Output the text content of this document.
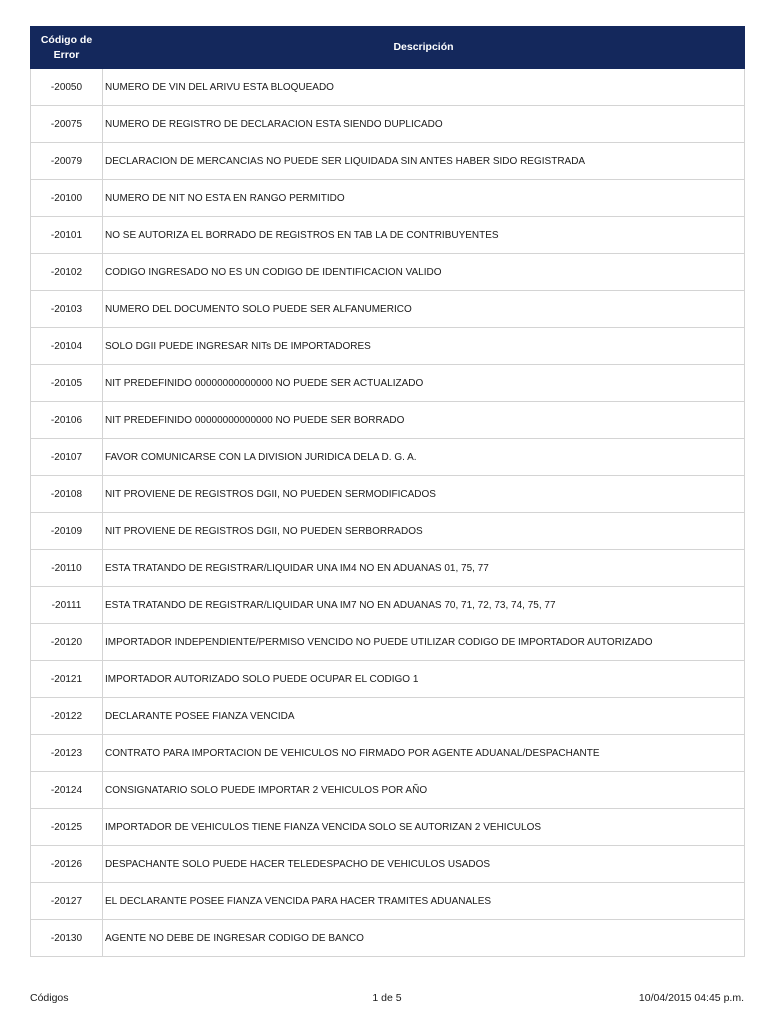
Código de Error	Descripción
-20050	NUMERO DE VIN DEL ARIVU ESTA BLOQUEADO
-20075	NUMERO DE REGISTRO DE DECLARACION ESTA SIENDO DUPLICADO
-20079	DECLARACION DE MERCANCIAS NO PUEDE SER LIQUIDADA SIN ANTES HABER SIDO REGISTRADA
-20100	NUMERO DE NIT NO ESTA EN RANGO PERMITIDO
-20101	NO SE AUTORIZA EL BORRADO DE REGISTROS EN TAB LA DE CONTRIBUYENTES
-20102	CODIGO INGRESADO NO ES UN CODIGO DE IDENTIFICACION VALIDO
-20103	NUMERO DEL DOCUMENTO SOLO PUEDE SER ALFANUMERICO
-20104	SOLO DGII PUEDE INGRESAR NITs DE IMPORTADORES
-20105	NIT PREDEFINIDO 00000000000000 NO PUEDE SER ACTUALIZADO
-20106	NIT PREDEFINIDO 00000000000000 NO PUEDE SER BORRADO
-20107	FAVOR COMUNICARSE CON LA DIVISION JURIDICA DELA D. G. A.
-20108	NIT PROVIENE DE REGISTROS DGII, NO PUEDEN SERMODIFICADOS
-20109	NIT PROVIENE DE REGISTROS DGII, NO PUEDEN SERBORRADOS
-20110	ESTA TRATANDO DE REGISTRAR/LIQUIDAR UNA IM4 NO EN ADUANAS 01, 75, 77
-20111	ESTA TRATANDO DE REGISTRAR/LIQUIDAR UNA IM7 NO EN ADUANAS 70, 71, 72, 73, 74, 75, 77
-20120	IMPORTADOR INDEPENDIENTE/PERMISO VENCIDO NO PUEDE UTILIZAR CODIGO DE IMPORTADOR AUTORIZADO
-20121	IMPORTADOR AUTORIZADO SOLO PUEDE OCUPAR EL CODIGO 1
-20122	DECLARANTE POSEE FIANZA VENCIDA
-20123	CONTRATO PARA IMPORTACION DE VEHICULOS NO FIRMADO POR AGENTE ADUANAL/DESPACHANTE
-20124	CONSIGNATARIO SOLO PUEDE IMPORTAR 2 VEHICULOS POR AÑO
-20125	IMPORTADOR DE VEHICULOS TIENE FIANZA VENCIDA SOLO SE AUTORIZAN 2 VEHICULOS
-20126	DESPACHANTE SOLO PUEDE HACER TELEDESPACHO DE VEHICULOS USADOS
-20127	EL DECLARANTE POSEE FIANZA VENCIDA PARA HACER TRAMITES ADUANALES
-20130	AGENTE NO DEBE DE INGRESAR CODIGO DE BANCO
1 de 5
Códigos	10/04/2015 04:45 p.m.
